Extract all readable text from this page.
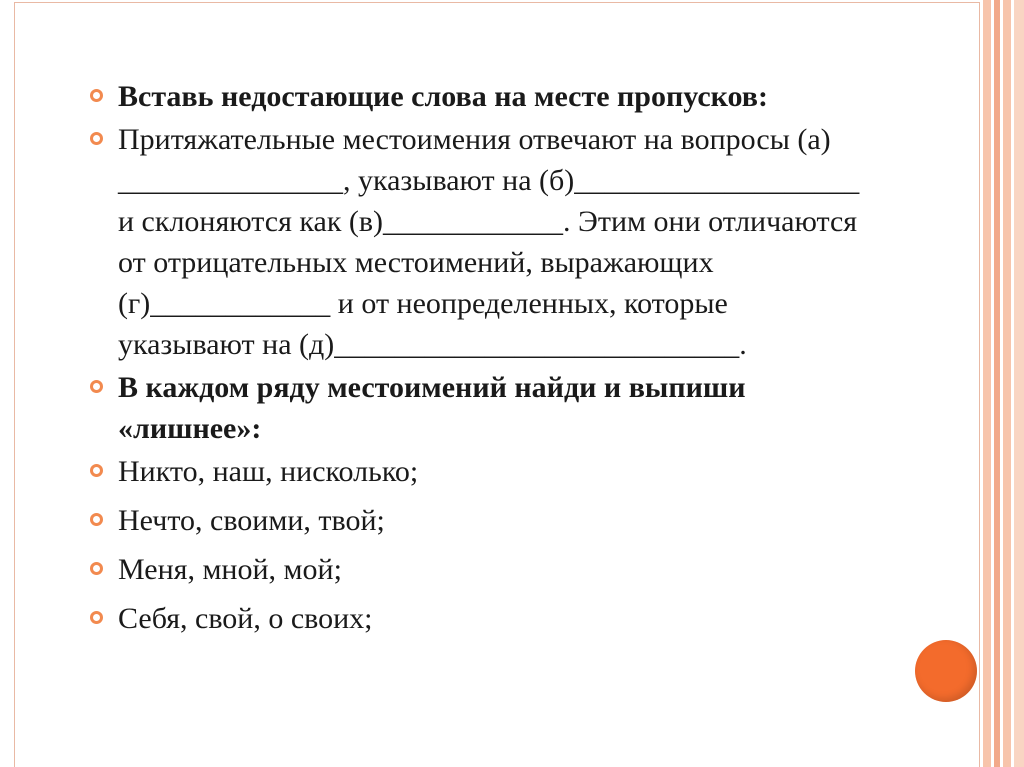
Вставь недостающие слова на месте пропусков:
Притяжательные местоимения отвечают на вопросы (а) _______________, указывают на (б)___________________ и склоняются как (в)____________. Этим они отличаются от отрицательных местоимений, выражающих (г)____________ и от неопределенных, которые указывают на (д)___________________________.
В каждом ряду местоимений найди и выпиши «лишнее»:
Никто, наш, нисколько;
Нечто, своими, твой;
Меня, мной, мой;
Себя, свой, о своих;
